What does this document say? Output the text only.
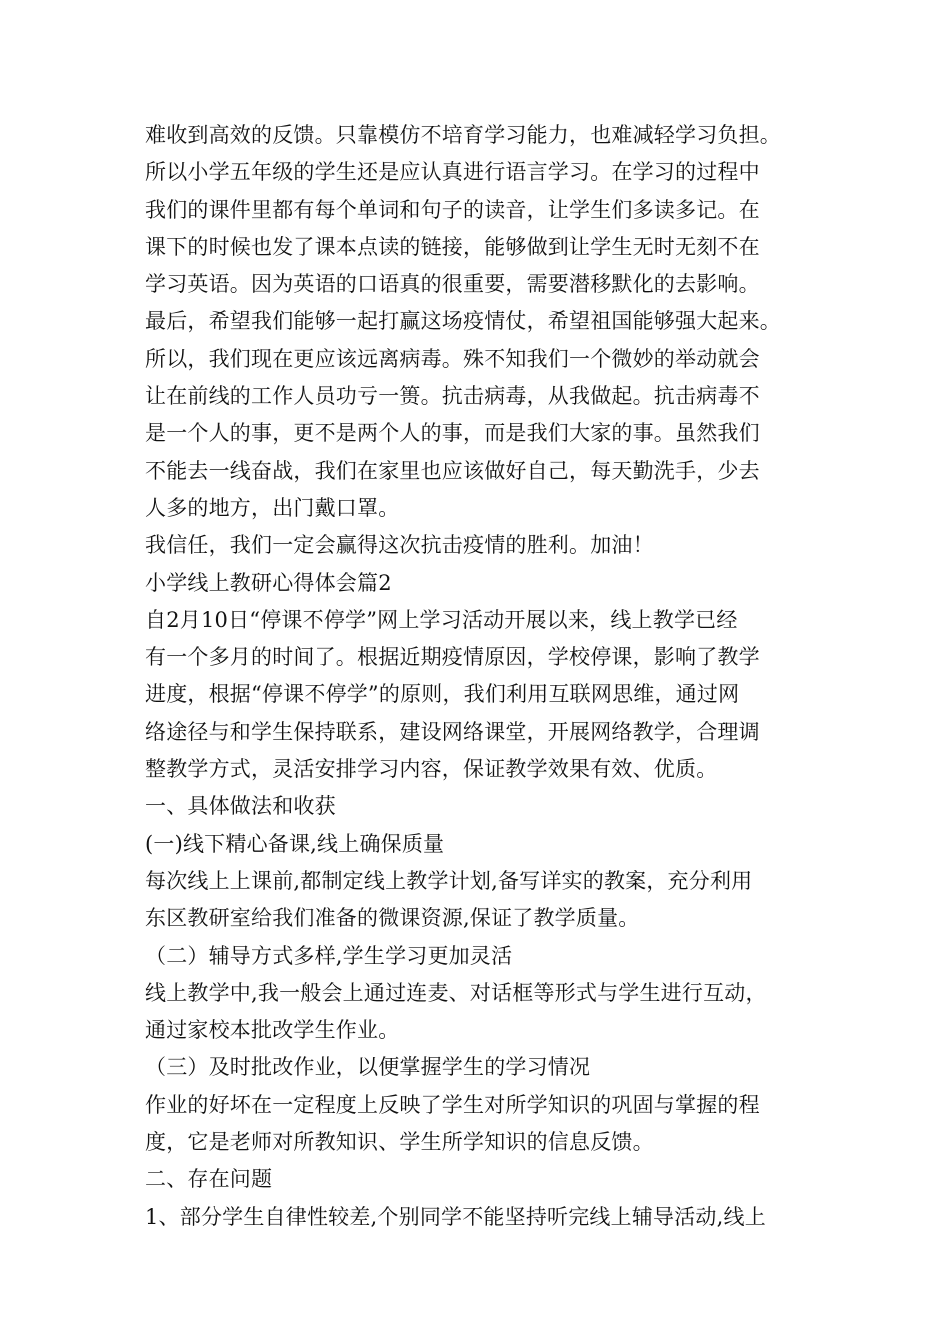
难收到高效的反馈。只靠模仿不培育学习能力，也难减轻学习负担。
所以小学五年级的学生还是应认真进行语言学习。在学习的过程中
我们的课件里都有每个单词和句子的读音，让学生们多读多记。在
课下的时候也发了课本点读的链接，能够做到让学生无时无刻不在
学习英语。因为英语的口语真的很重要，需要潜移默化的去影响。
最后，希望我们能够一起打赢这场疫情仗，希望祖国能够强大起来。
所以，我们现在更应该远离病毒。殊不知我们一个微妙的举动就会
让在前线的工作人员功亏一篑。抗击病毒，从我做起。抗击病毒不
是一个人的事，更不是两个人的事，而是我们大家的事。虽然我们
不能去一线奋战，我们在家里也应该做好自己，每天勤洗手，少去
人多的地方，出门戴口罩。
我信任，我们一定会赢得这次抗击疫情的胜利。加油！
小学线上教研心得体会篇2
自2月10日“停课不停学”网上学习活动开展以来，线上教学已经
有一个多月的时间了。根据近期疫情原因，学校停课，影响了教学
进度，根据“停课不停学”的原则，我们利用互联网思维，通过网
络途径与和学生保持联系，建设网络课堂，开展网络教学，合理调
整教学方式，灵活安排学习内容，保证教学效果有效、优质。
一、具体做法和收获
(一)线下精心备课,线上确保质量
每次线上上课前,都制定线上教学计划,备写详实的教案，充分利用
东区教研室给我们准备的微课资源,保证了教学质量。
（二）辅导方式多样,学生学习更加灵活
线上教学中,我一般会上通过连麦、对话框等形式与学生进行互动，
通过家校本批改学生作业。
（三）及时批改作业，以便掌握学生的学习情况
作业的好坏在一定程度上反映了学生对所学知识的巩固与掌握的程
度，它是老师对所教知识、学生所学知识的信息反馈。
二、存在问题
1、部分学生自律性较差,个别同学不能坚持听完线上辅导活动,线上
